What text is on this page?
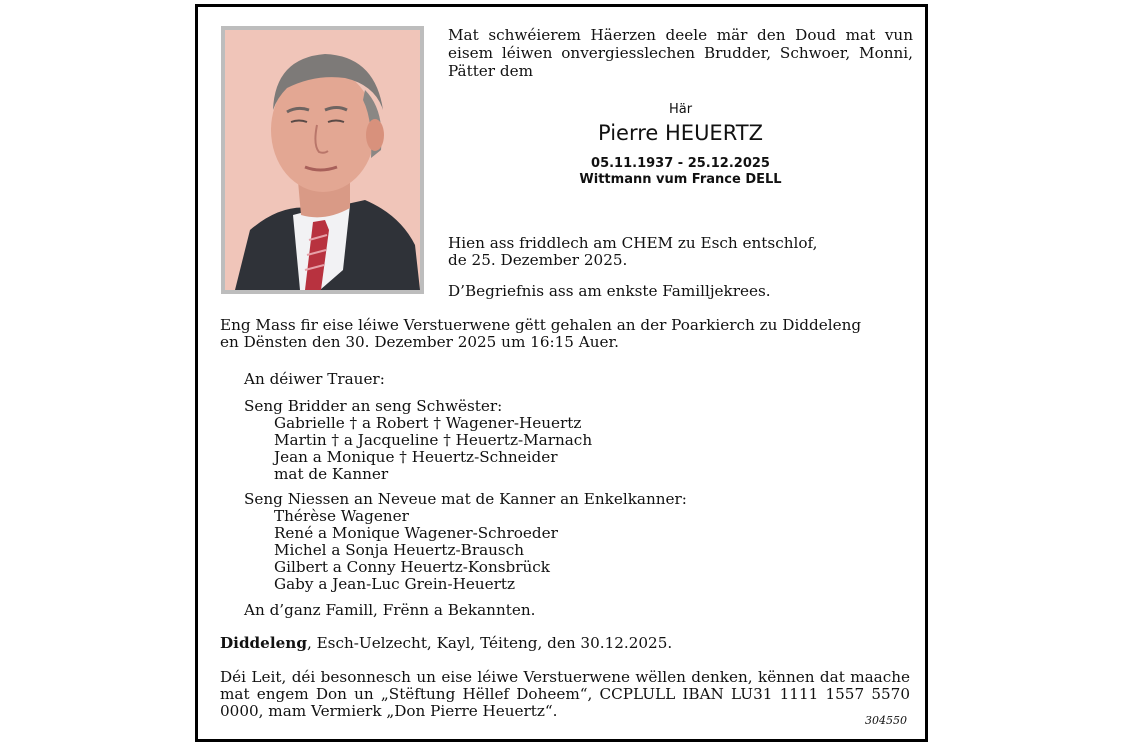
Mat schwéierem Häerzen deele mär den Doud mat vun eisem léiwen onvergiesslechen Brudder, Schwoer, Monni, Pätter dem

Här
Pierre HEUERTZ
05.11.1937 - 25.12.2025
Wittmann vum France DELL
Hien ass friddlech am CHEM zu Esch entschlof,
de 25. Dezember 2025.
D’Begriefnis ass am enkste Familljekrees.
Eng Mass fir eise léiwe Verstuerwene gëtt gehalen an der Poarkierch zu Diddeleng
en Dënsten den 30. Dezember 2025 um 16:15 Auer.
An déiwer Trauer:

Seng Bridder an seng Schwëster:

Gabrielle † a Robert † Wagener-Heuertz
Martin † a Jacqueline † Heuertz-Marnach
Jean a Monique † Heuertz-Schneider
mat de Kanner

Seng Niessen an Neveue mat de Kanner an Enkelkanner:

Thérèse Wagener
René a Monique Wagener-Schroeder
Michel a Sonja Heuertz-Brausch
Gilbert a Conny Heuertz-Konsbrück
Gaby a Jean-Luc Grein-Heuertz
An d’ganz Famill, Frënn a Bekannten.
Diddeleng, Esch-Uelzecht, Kayl, Téiteng, den 30.12.2025.

Déi Leit, déi besonnesch un eise léiwe Verstuerwene wëllen denken, kënnen dat maache mat engem Don un „Stëftung Hëllef Doheem“, CCPLULL IBAN LU31 1111 1557 5570 0000, mam Vermierk „Don Pierre Heuertz“.

304550
